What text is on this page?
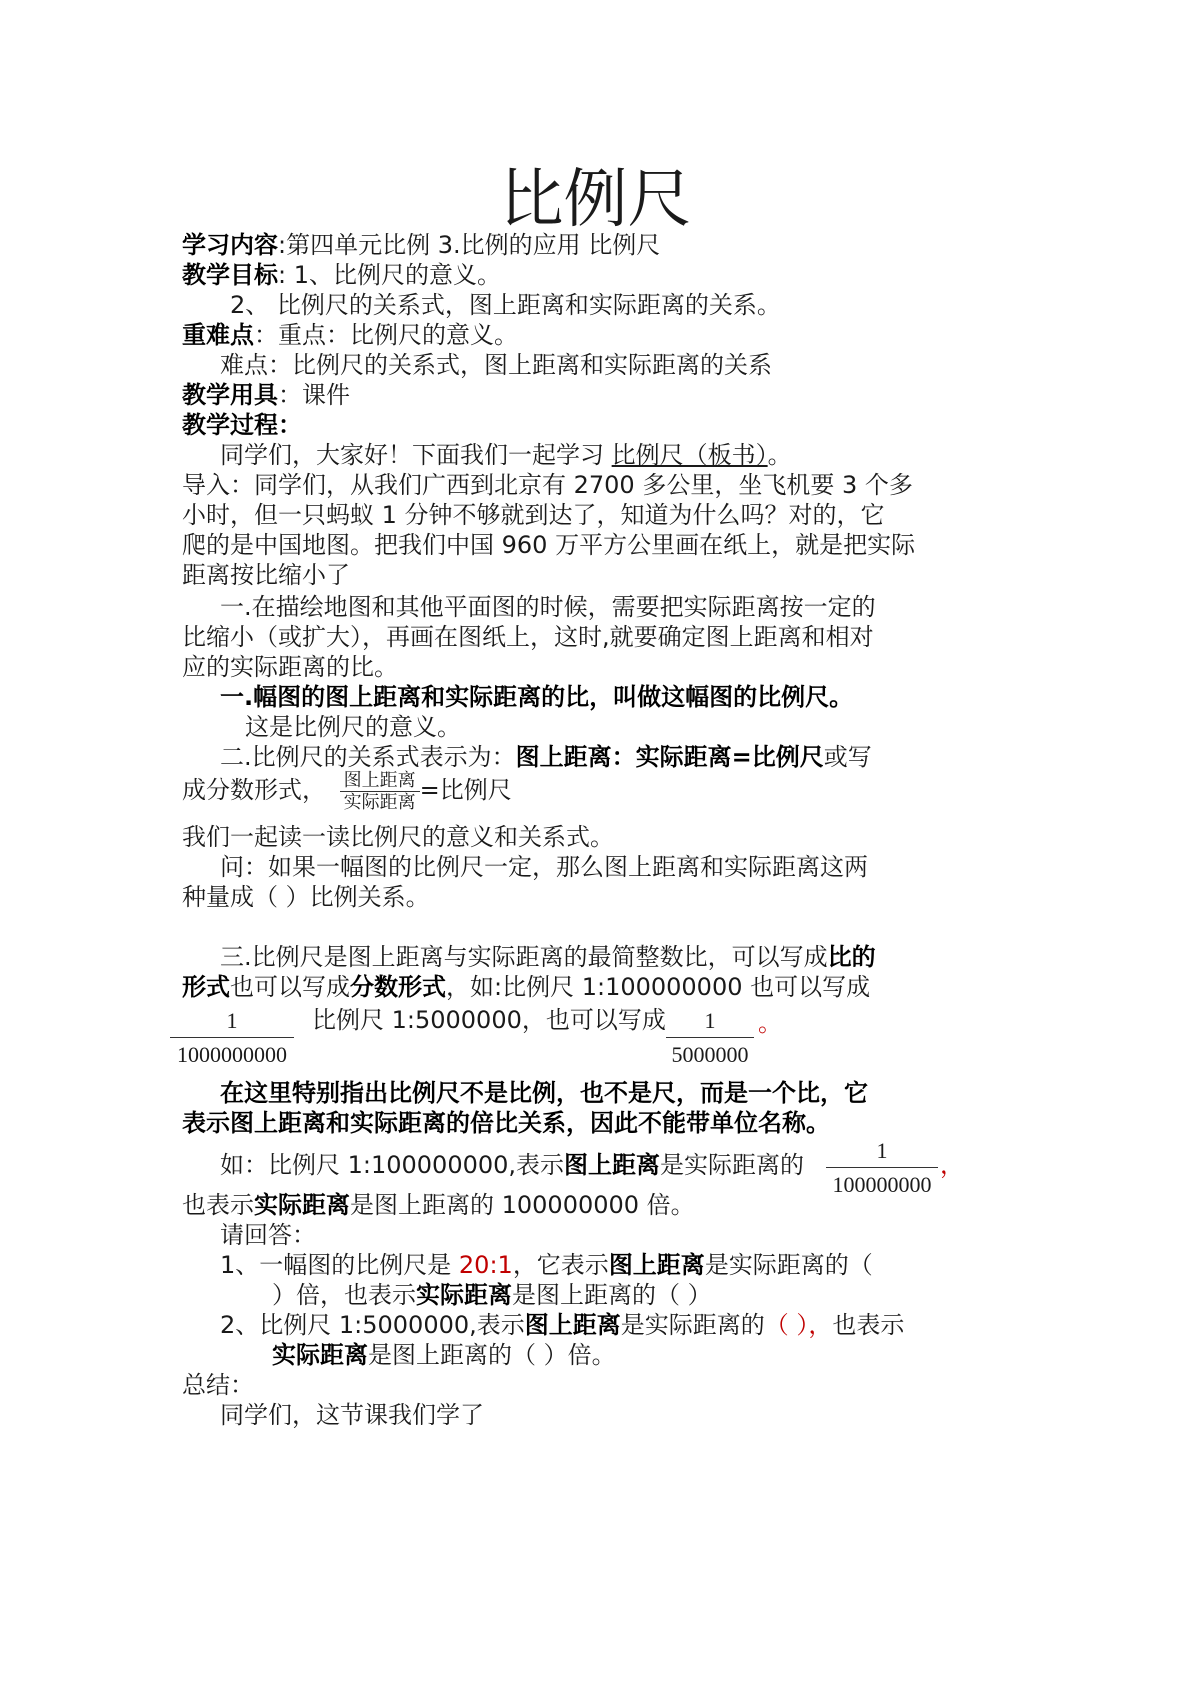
比例尺
学习内容:第四单元比例 3.比例的应用 比例尺
教学目标: 1、比例尺的意义。
2、 比例尺的关系式，图上距离和实际距离的关系。
重难点：重点：比例尺的意义。
难点：比例尺的关系式，图上距离和实际距离的关系
教学用具：课件
教学过程：
同学们，大家好！下面我们一起学习 比例尺（板书）。
导入：同学们，从我们广西到北京有 2700 多公里，坐飞机要 3 个多
小时，但一只蚂蚁 1 分钟不够就到达了，知道为什么吗？对的，它
爬的是中国地图。把我们中国 960 万平方公里画在纸上，就是把实际
距离按比缩小了
一.在描绘地图和其他平面图的时候，需要把实际距离按一定的
比缩小（或扩大），再画在图纸上，这时,就要确定图上距离和相对
应的实际距离的比。
一.幅图的图上距离和实际距离的比，叫做这幅图的比例尺。
这是比例尺的意义。
二.比例尺的关系式表示为：图上距离：实际距离=比例尺或写
成分数形式， $\frac{\text{图上距离}}{\text{实际距离}}$ =比例尺
我们一起读一读比例尺的意义和关系式。
问：如果一幅图的比例尺一定，那么图上距离和实际距离这两
种量成（ ）比例关系。
三.比例尺是图上距离与实际距离的最简整数比，可以写成比的
形式也可以写成分数形式，如:比例尺 1:100000000 也可以写成
比例尺 1:5000000，也可以写成
$\frac{1}{1000000000}$	$\frac{1}{5000000}$ 。
在这里特别指出比例尺不是比例，也不是尺，而是一个比，它
表示图上距离和实际距离的倍比关系，因此不能带单位名称。
如：比例尺 1:100000000,表示图上距离是实际距离的 $\frac{1}{100000000}$ ，
也表示实际距离是图上距离的 100000000 倍。
请回答：
1、一幅图的比例尺是 20:1，它表示图上距离是实际距离的（
）倍，也表示实际距离是图上距离的（ ）
2、比例尺 1:5000000,表示图上距离是实际距离的（ ），也表示
实际距离是图上距离的（ ）倍。
总结：
同学们，这节课我们学了
